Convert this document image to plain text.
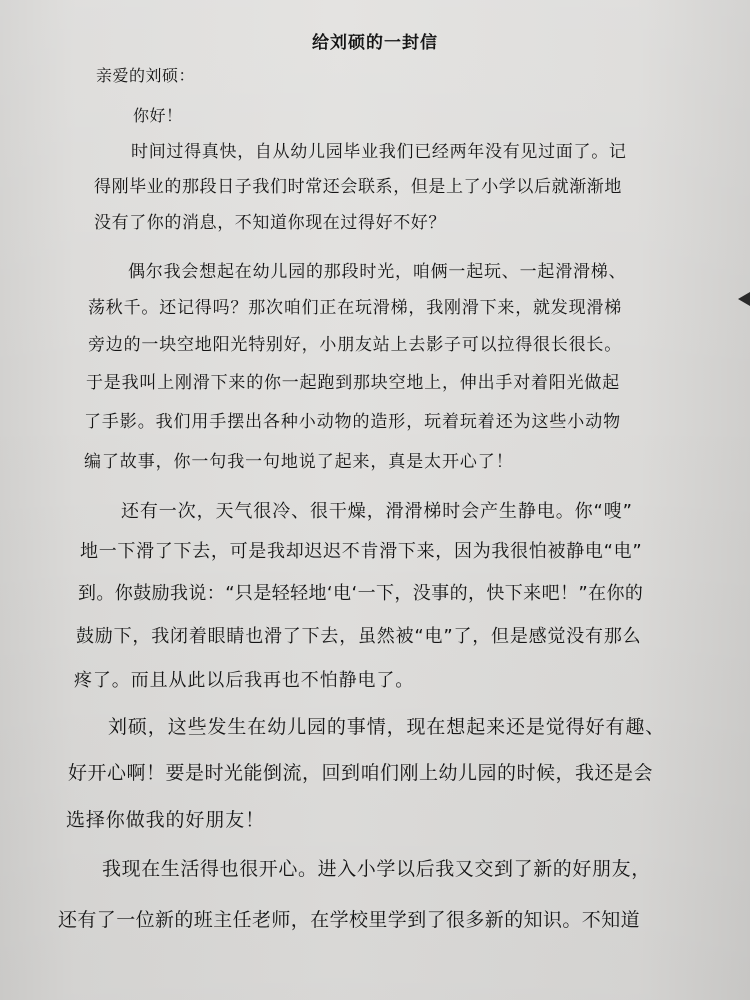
给刘硕的一封信
亲爱的刘硕：
你好！
时间过得真快，自从幼儿园毕业我们已经两年没有见过面了。记
得刚毕业的那段日子我们时常还会联系，但是上了小学以后就渐渐地
没有了你的消息，不知道你现在过得好不好？
偶尔我会想起在幼儿园的那段时光，咱俩一起玩、一起滑滑梯、
荡秋千。还记得吗？那次咱们正在玩滑梯，我刚滑下来，就发现滑梯
旁边的一块空地阳光特别好，小朋友站上去影子可以拉得很长很长。
于是我叫上刚滑下来的你一起跑到那块空地上，伸出手对着阳光做起
了手影。我们用手摆出各种小动物的造形，玩着玩着还为这些小动物
编了故事，你一句我一句地说了起来，真是太开心了！
还有一次，天气很冷、很干燥，滑滑梯时会产生静电。你“嗖”
地一下滑了下去，可是我却迟迟不肯滑下来，因为我很怕被静电“电”
到。你鼓励我说：“只是轻轻地‘电‘一下，没事的，快下来吧！”在你的
鼓励下，我闭着眼睛也滑了下去，虽然被“电”了，但是感觉没有那么
疼了。而且从此以后我再也不怕静电了。
刘硕，这些发生在幼儿园的事情，现在想起来还是觉得好有趣、
好开心啊！要是时光能倒流，回到咱们刚上幼儿园的时候，我还是会
选择你做我的好朋友！
我现在生活得也很开心。进入小学以后我又交到了新的好朋友，
还有了一位新的班主任老师，在学校里学到了很多新的知识。不知道
